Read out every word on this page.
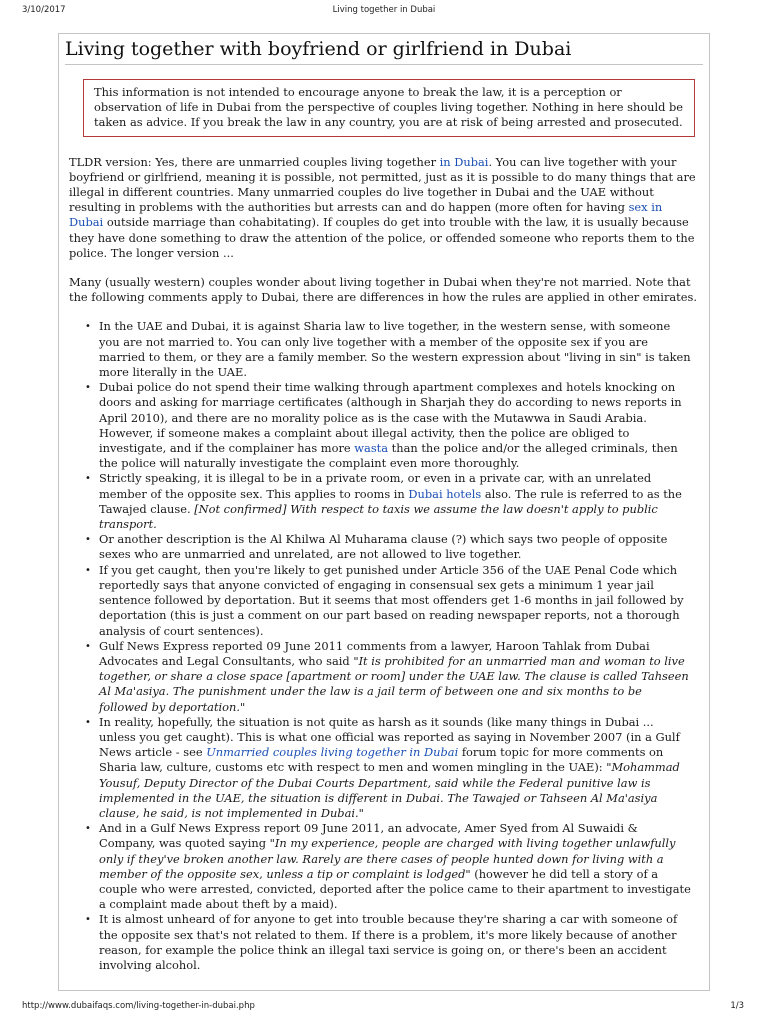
3/10/2017	Living together in Dubai
Living together with boyfriend or girlfriend in Dubai
This information is not intended to encourage anyone to break the law, it is a perception or observation of life in Dubai from the perspective of couples living together. Nothing in here should be taken as advice. If you break the law in any country, you are at risk of being arrested and prosecuted.

TLDR version: Yes, there are unmarried couples living together in Dubai. You can live together with your boyfriend or girlfriend, meaning it is possible, not permitted, just as it is possible to do many things that are illegal in different countries. Many unmarried couples do live together in Dubai and the UAE without resulting in problems with the authorities but arrests can and do happen (more often for having sex in Dubai outside marriage than cohabitating). If couples do get into trouble with the law, it is usually because they have done something to draw the attention of the police, or offended someone who reports them to the police. The longer version ...

Many (usually western) couples wonder about living together in Dubai when they're not married. Note that the following comments apply to Dubai, there are differences in how the rules are applied in other emirates.

• In the UAE and Dubai, it is against Sharia law to live together, in the western sense, with someone you are not married to. You can only live together with a member of the opposite sex if you are married to them, or they are a family member. So the western expression about "living in sin" is taken more literally in the UAE.
• Dubai police do not spend their time walking through apartment complexes and hotels knocking on doors and asking for marriage certificates (although in Sharjah they do according to news reports in April 2010), and there are no morality police as is the case with the Mutawwa in Saudi Arabia. However, if someone makes a complaint about illegal activity, then the police are obliged to investigate, and if the complainer has more wasta than the police and/or the alleged criminals, then the police will naturally investigate the complaint even more thoroughly.
• Strictly speaking, it is illegal to be in a private room, or even in a private car, with an unrelated member of the opposite sex. This applies to rooms in Dubai hotels also. The rule is referred to as the Tawajed clause. [Not confirmed] With respect to taxis we assume the law doesn't apply to public transport.
• Or another description is the Al Khilwa Al Muharama clause (?) which says two people of opposite sexes who are unmarried and unrelated, are not allowed to live together.
• If you get caught, then you're likely to get punished under Article 356 of the UAE Penal Code which reportedly says that anyone convicted of engaging in consensual sex gets a minimum 1 year jail sentence followed by deportation. But it seems that most offenders get 1-6 months in jail followed by deportation (this is just a comment on our part based on reading newspaper reports, not a thorough analysis of court sentences).
• Gulf News Express reported 09 June 2011 comments from a lawyer, Haroon Tahlak from Dubai Advocates and Legal Consultants, who said "It is prohibited for an unmarried man and woman to live together, or share a close space [apartment or room] under the UAE law. The clause is called Tahseen Al Ma'asiya. The punishment under the law is a jail term of between one and six months to be followed by deportation."
• In reality, hopefully, the situation is not quite as harsh as it sounds (like many things in Dubai ... unless you get caught). This is what one official was reported as saying in November 2007 (in a Gulf News article - see Unmarried couples living together in Dubai forum topic for more comments on Sharia law, culture, customs etc with respect to men and women mingling in the UAE): "Mohammad Yousuf, Deputy Director of the Dubai Courts Department, said while the Federal punitive law is implemented in the UAE, the situation is different in Dubai. The Tawajed or Tahseen Al Ma'asiya clause, he said, is not implemented in Dubai."
• And in a Gulf News Express report 09 June 2011, an advocate, Amer Syed from Al Suwaidi & Company, was quoted saying "In my experience, people are charged with living together unlawfully only if they've broken another law. Rarely are there cases of people hunted down for living with a member of the opposite sex, unless a tip or complaint is lodged" (however he did tell a story of a couple who were arrested, convicted, deported after the police came to their apartment to investigate a complaint made about theft by a maid).
• It is almost unheard of for anyone to get into trouble because they're sharing a car with someone of the opposite sex that's not related to them. If there is a problem, it's more likely because of another reason, for example the police think an illegal taxi service is going on, or there's been an accident involving alcohol.
http://www.dubaifaqs.com/living-together-in-dubai.php	1/3
